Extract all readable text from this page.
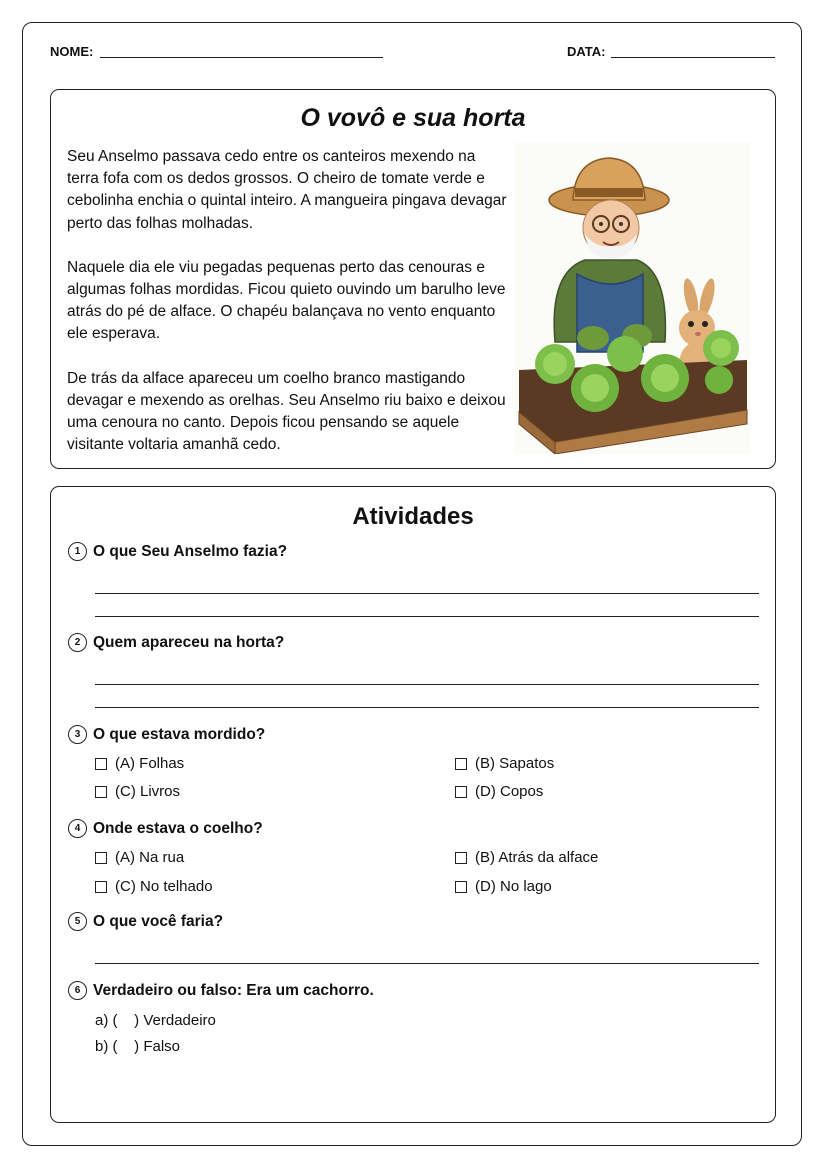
NOME:	DATA:
O vovô e sua horta

Seu Anselmo passava cedo entre os canteiros mexendo na terra fofa com os dedos grossos. O cheiro de tomate verde e cebolinha enchia o quintal inteiro. A mangueira pingava devagar perto das folhas molhadas.

Naquele dia ele viu pegadas pequenas perto das cenouras e algumas folhas mordidas. Ficou quieto ouvindo um barulho leve atrás do pé de alface. O chapéu balançava no vento enquanto ele esperava.

De trás da alface apareceu um coelho branco mastigando devagar e mexendo as orelhas. Seu Anselmo riu baixo e deixou uma cenoura no canto. Depois ficou pensando se aquele visitante voltaria amanhã cedo.

Atividades
1 O que Seu Anselmo fazia?
2 Quem apareceu na horta?
3 O que estava mordido?
(A) Folhas	(B) Sapatos
(C) Livros	(D) Copos
4 Onde estava o coelho?
(A) Na rua	(B) Atrás da alface
(C) No telhado	(D) No lago
5 O que você faria?
6 Verdadeiro ou falso: Era um cachorro.
a) (    ) Verdadeiro
b) (    ) Falso
